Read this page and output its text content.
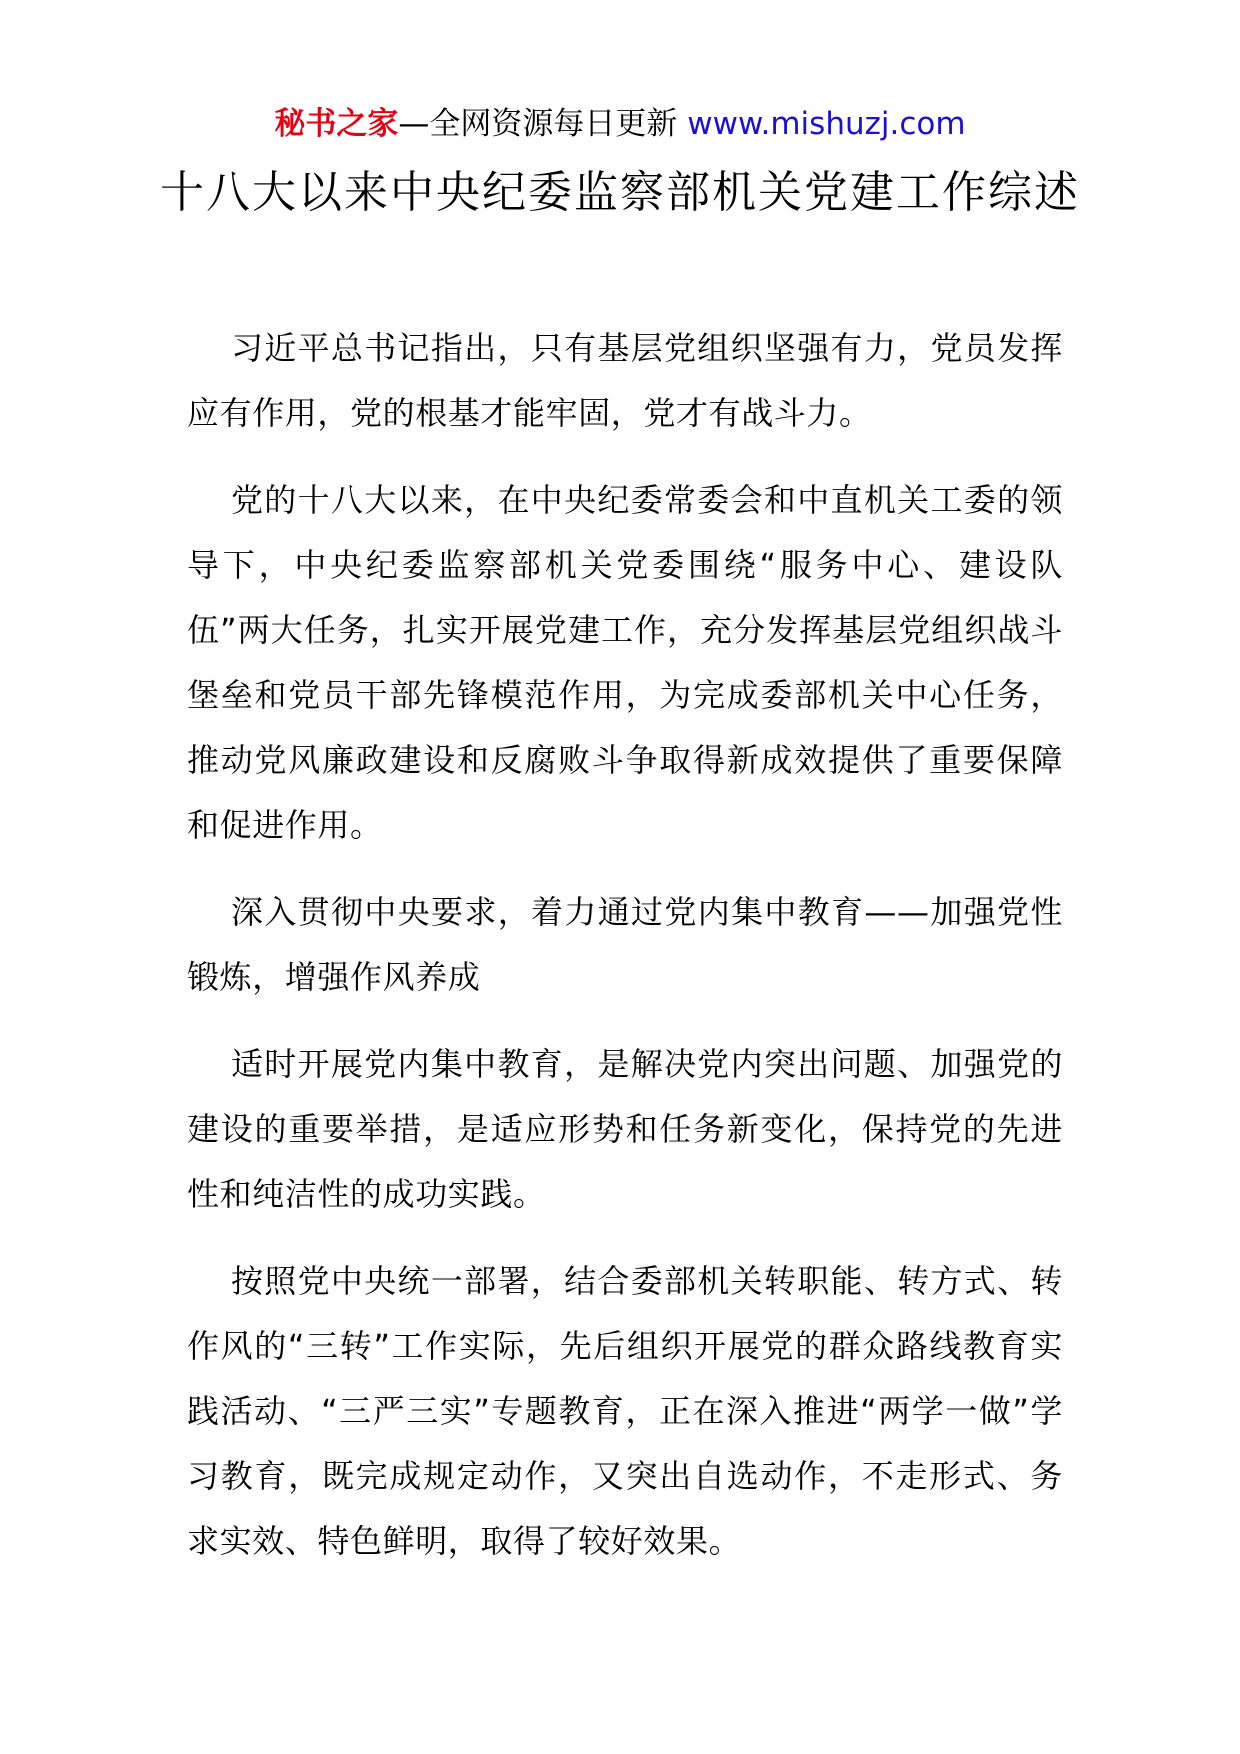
秘书之家—全网资源每日更新 www.mishuzj.com
十八大以来中央纪委监察部机关党建工作综述

习近平总书记指出，只有基层党组织坚强有力，党员发挥应有作用，党的根基才能牢固，党才有战斗力。

党的十八大以来，在中央纪委常委会和中直机关工委的领导下，中央纪委监察部机关党委围绕“服务中心、建设队伍”两大任务，扎实开展党建工作，充分发挥基层党组织战斗堡垒和党员干部先锋模范作用，为完成委部机关中心任务，推动党风廉政建设和反腐败斗争取得新成效提供了重要保障和促进作用。

深入贯彻中央要求，着力通过党内集中教育——加强党性锻炼，增强作风养成

适时开展党内集中教育，是解决党内突出问题、加强党的建设的重要举措，是适应形势和任务新变化，保持党的先进性和纯洁性的成功实践。

按照党中央统一部署，结合委部机关转职能、转方式、转作风的“三转”工作实际，先后组织开展党的群众路线教育实践活动、“三严三实”专题教育，正在深入推进“两学一做”学习教育，既完成规定动作，又突出自选动作，不走形式、务求实效、特色鲜明，取得了较好效果。
